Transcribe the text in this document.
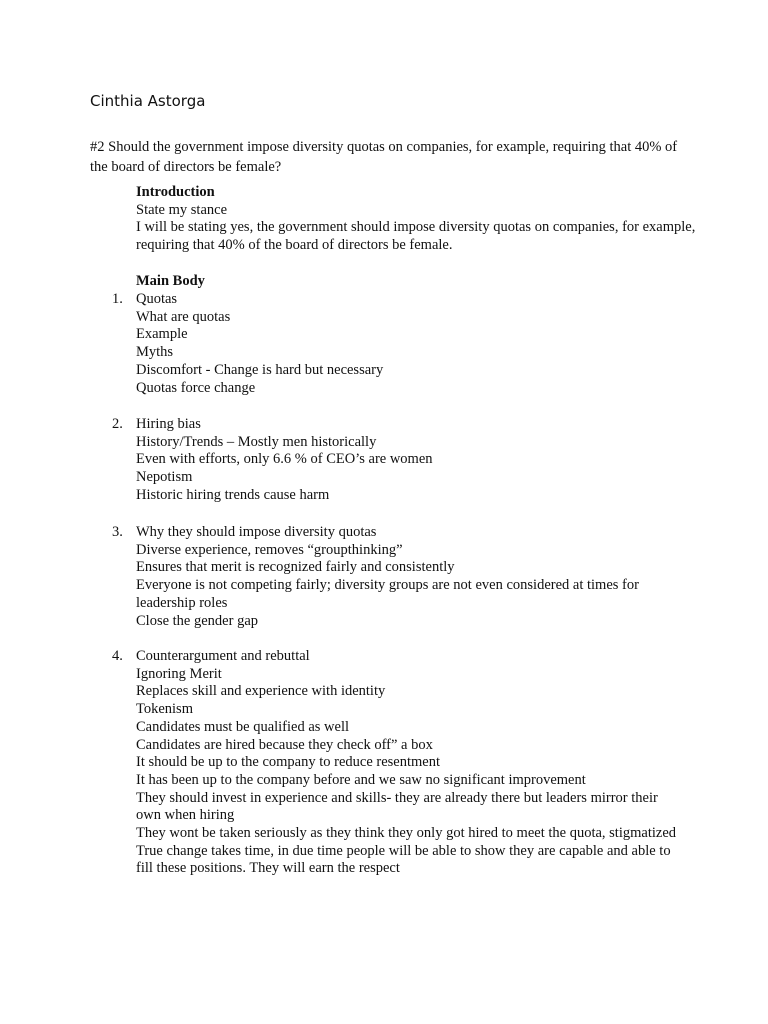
Cinthia Astorga

#2 Should the government impose diversity quotas on companies, for example, requiring that 40% of the board of directors be female?

Introduction
State my stance
I will be stating yes, the government should impose diversity quotas on companies, for example, requiring that 40% of the board of directors be female.
Main Body
1. Quotas
What are quotas
Example
Myths
Discomfort - Change is hard but necessary
Quotas force change
2. Hiring bias
History/Trends – Mostly men historically
Even with efforts, only 6.6 % of CEO’s are women
Nepotism
Historic hiring trends cause harm
3. Why they should impose diversity quotas
Diverse experience, removes “groupthinking”
Ensures that merit is recognized fairly and consistently
Everyone is not competing fairly; diversity groups are not even considered at times for leadership roles
Close the gender gap
4. Counterargument and rebuttal
Ignoring Merit
Replaces skill and experience with identity
Tokenism
Candidates must be qualified as well
Candidates are hired because they check off” a box
It should be up to the company to reduce resentment
It has been up to the company before and we saw no significant improvement
They should invest in experience and skills- they are already there but leaders mirror their own when hiring
They wont be taken seriously as they think they only got hired to meet the quota, stigmatized
True change takes time, in due time people will be able to show they are capable and able to fill these positions. They will earn the respect
